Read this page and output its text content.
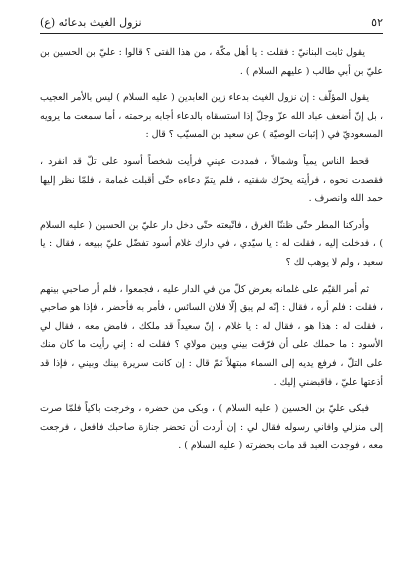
٥٢
نزول الغيث بدعائه (ع)

يقول ثابت البنانيّ : فقلت : يا أهل مكّة ، من هذا الفتى ؟ قالوا : عليّ بن الحسين بن عليّ بن أبي طالب ( عليهم السلام ) .

يقول المؤلّف : إن نزول الغيث بدعاء زين العابدين ( عليه السلام ) ليس بالأمر العجيب ، بل إنّ أضعف عباد الله عزّ وجلّ إذا استسقاه بالدعاء أجابه برحمته ، أما سمعت ما يرويه المسعوديّ في ( إثبات الوصيّة ) عن سعيد بن المسيّب ؟ قال :

قحط الناس يمياً وشمالاً ، فمددت عيني فرأيت شخصاً أسود على تلّ قد انفرد ، فقصدت نحوه ، فرأيته يحرّك شفتيه ، فلم يتمّ دعاءه حتّى أقبلت غمامة ، فلمّا نظر إليها حمد الله وانصرف .

وأدركنا المطر حتّى ظننّا الغرق ، فاتّبعته حتّى دخل دار عليّ بن الحسين ( عليه السلام ) ، فدخلت إليه ، فقلت له : يا سيّدي ، في دارك غلام أسود تفضّل عليّ ببيعه ، فقال : يا سعيد ، ولم لا يوهب لك ؟

ثم أمر القيّم على غلمانه بعرض كلّ من في الدار عليه ، فجمعوا ، فلم أر صاحبي بينهم ، فقلت : فلم أره ، فقال : إنّه لم يبق إلّا فلان السائس ، فأمر به فأحضر ، فإذا هو صاحبي ، فقلت له : هذا هو ، فقال له : يا غلام ، إنّ سعيداً قد ملكك ، فامض معه ، فقال لي الأسود : ما حملك على أن فرّقت بيني وبين مولاي ؟ فقلت له : إني رأيت ما كان منك على التلّ ، فرفع يديه إلى السماء مبتهلاً ثمّ قال : إن كانت سريرة بينك وبيني ، فإذا قد أذعتها عليّ ، فاقبضني إليك .

فبكى عليّ بن الحسين ( عليه السلام ) ، وبكى من حضره ، وخرجت باكياً فلمّا صرت إلى منزلي وافاني رسوله فقال لي : إن أردت أن تحضر جنازة صاحبك فافعل ، فرجعت معه ، فوجدت العبد قد مات بحضرته ( عليه السلام ) .
